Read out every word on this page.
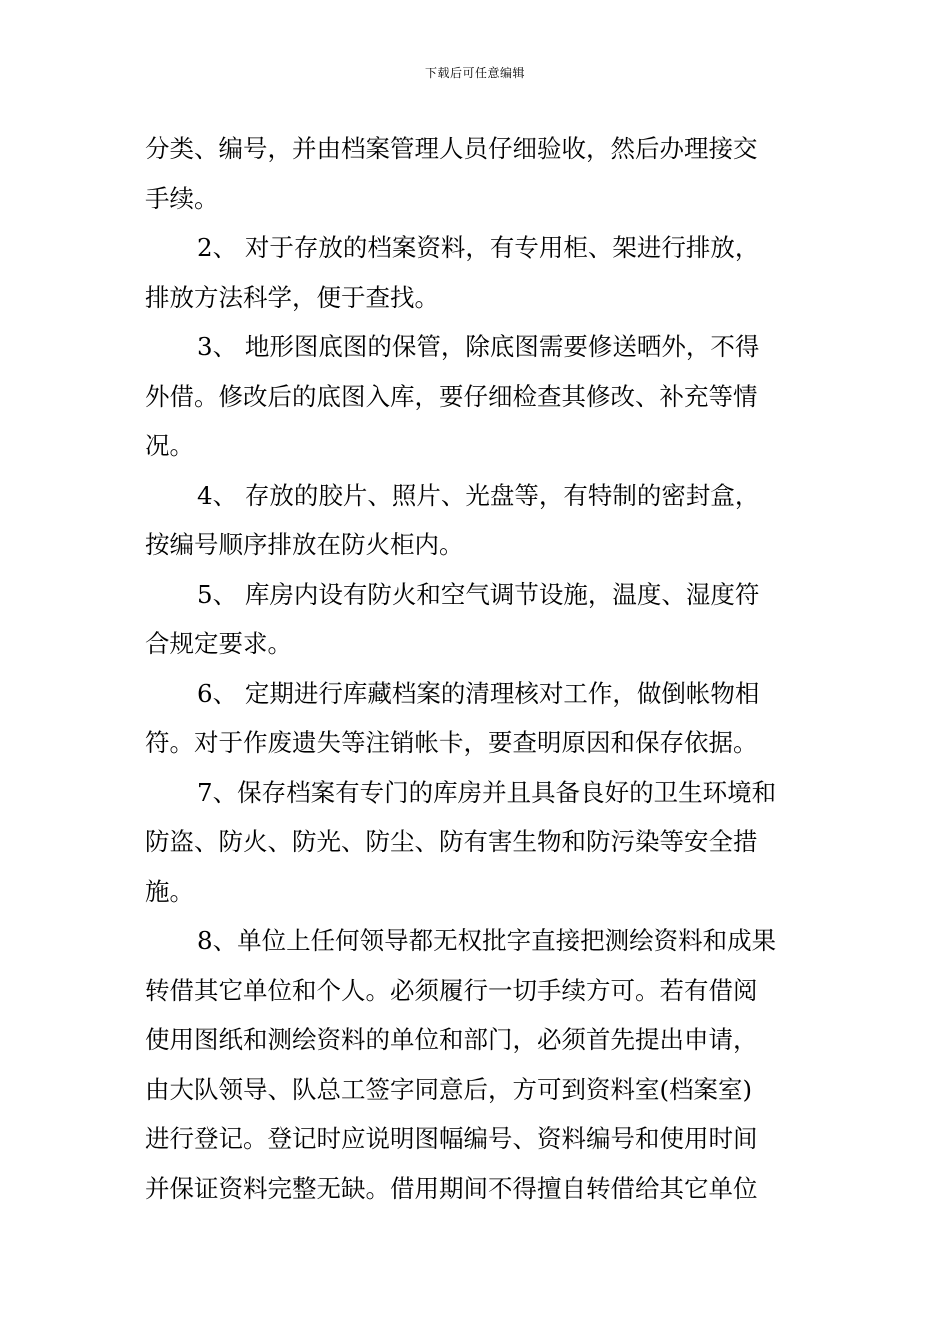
下载后可任意编辑
分类、编号，并由档案管理人员仔细验收，然后办理接交
手续。
2、 对于存放的档案资料，有专用柜、架进行排放，
排放方法科学，便于查找。
3、 地形图底图的保管，除底图需要修送晒外，不得
外借。修改后的底图入库，要仔细检查其修改、补充等情
况。
4、 存放的胶片、照片、光盘等，有特制的密封盒，
按编号顺序排放在防火柜内。
5、 库房内设有防火和空气调节设施，温度、湿度符
合规定要求。
6、 定期进行库藏档案的清理核对工作，做倒帐物相
符。对于作废遗失等注销帐卡，要查明原因和保存依据。
7、保存档案有专门的库房并且具备良好的卫生环境和
防盗、防火、防光、防尘、防有害生物和防污染等安全措
施。
8、单位上任何领导都无权批字直接把测绘资料和成果
转借其它单位和个人。必须履行一切手续方可。若有借阅
使用图纸和测绘资料的单位和部门，必须首先提出申请，
由大队领导、队总工签字同意后，方可到资料室(档案室)
进行登记。登记时应说明图幅编号、资料编号和使用时间
并保证资料完整无缺。借用期间不得擅自转借给其它单位
